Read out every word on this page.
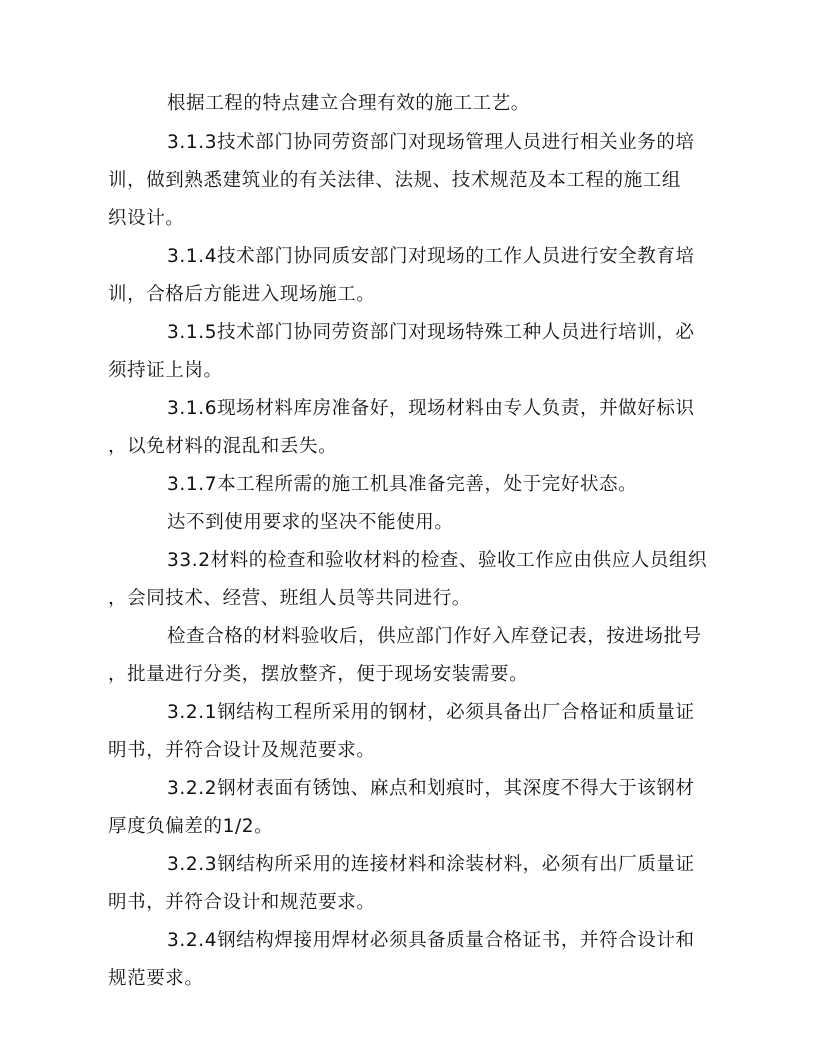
根据工程的特点建立合理有效的施工工艺。
3.1.3技术部门协同劳资部门对现场管理人员进行相关业务的培
训，做到熟悉建筑业的有关法律、法规、技术规范及本工程的施工组
织设计。
3.1.4技术部门协同质安部门对现场的工作人员进行安全教育培
训，合格后方能进入现场施工。
3.1.5技术部门协同劳资部门对现场特殊工种人员进行培训，必
须持证上岗。
3.1.6现场材料库房准备好，现场材料由专人负责，并做好标识
，以免材料的混乱和丢失。
3.1.7本工程所需的施工机具准备完善，处于完好状态。
达不到使用要求的坚决不能使用。
33.2材料的检查和验收材料的检查、验收工作应由供应人员组织
，会同技术、经营、班组人员等共同进行。
检查合格的材料验收后，供应部门作好入库登记表，按进场批号
，批量进行分类，摆放整齐，便于现场安装需要。
3.2.1钢结构工程所采用的钢材，必须具备出厂合格证和质量证
明书，并符合设计及规范要求。
3.2.2钢材表面有锈蚀、麻点和划痕时，其深度不得大于该钢材
厚度负偏差的1/2。
3.2.3钢结构所采用的连接材料和涂装材料，必须有出厂质量证
明书，并符合设计和规范要求。
3.2.4钢结构焊接用焊材必须具备质量合格证书，并符合设计和
规范要求。
